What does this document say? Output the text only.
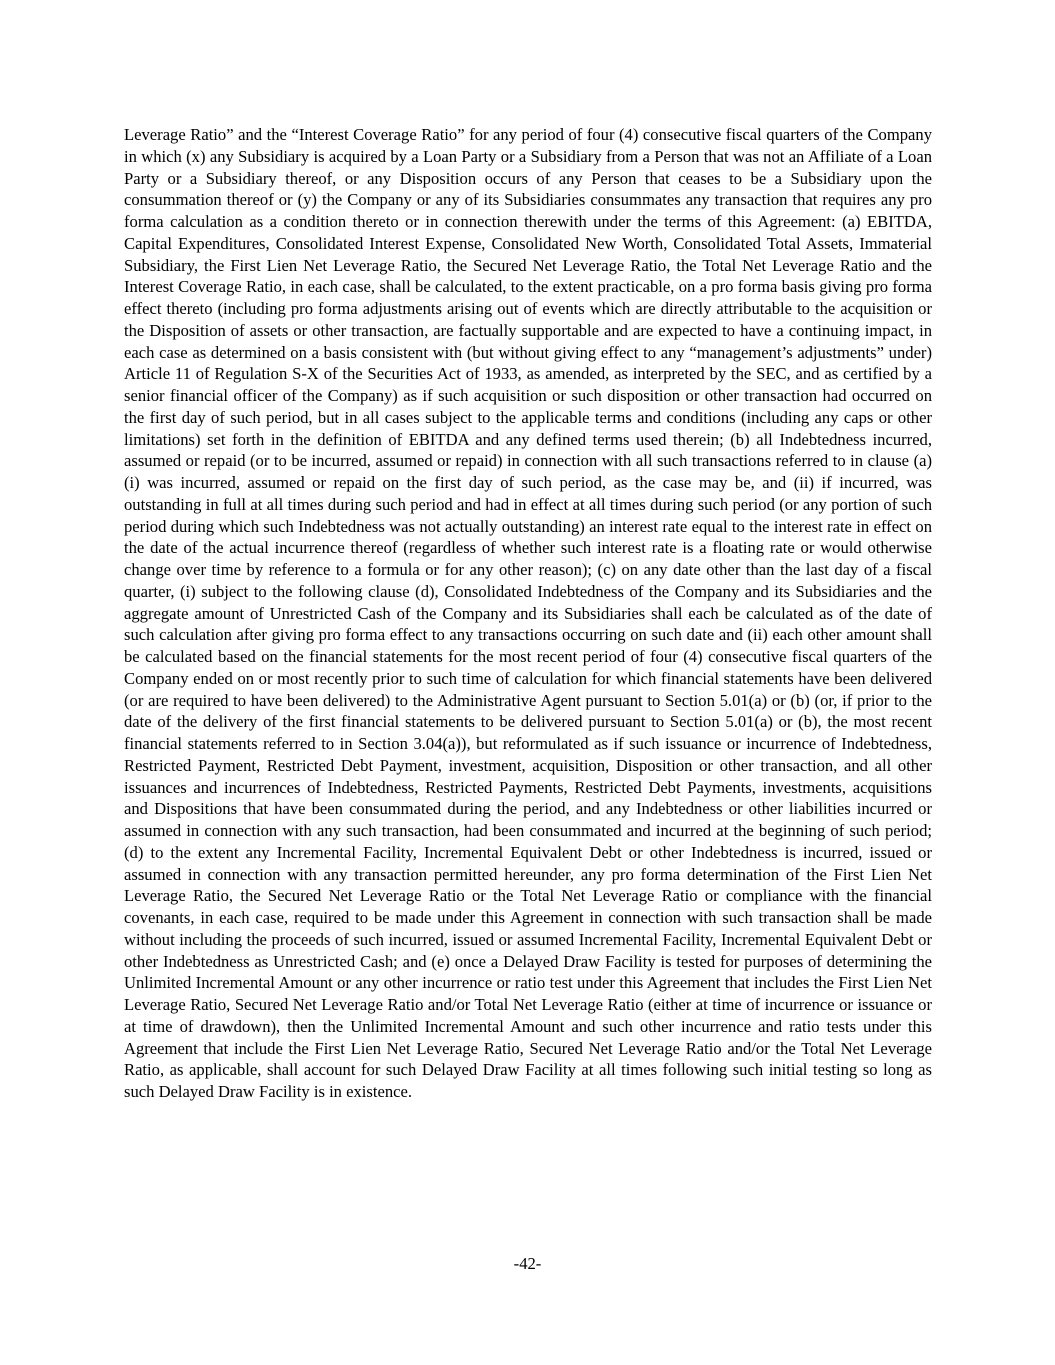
Leverage Ratio” and the “Interest Coverage Ratio” for any period of four (4) consecutive fiscal quarters of the Company in which (x) any Subsidiary is acquired by a Loan Party or a Subsidiary from a Person that was not an Affiliate of a Loan Party or a Subsidiary thereof, or any Disposition occurs of any Person that ceases to be a Subsidiary upon the consummation thereof or (y) the Company or any of its Subsidiaries consummates any transaction that requires any pro forma calculation as a condition thereto or in connection therewith under the terms of this Agreement: (a) EBITDA, Capital Expenditures, Consolidated Interest Expense, Consolidated New Worth, Consolidated Total Assets, Immaterial Subsidiary, the First Lien Net Leverage Ratio, the Secured Net Leverage Ratio, the Total Net Leverage Ratio and the Interest Coverage Ratio, in each case, shall be calculated, to the extent practicable, on a pro forma basis giving pro forma effect thereto (including pro forma adjustments arising out of events which are directly attributable to the acquisition or the Disposition of assets or other transaction, are factually supportable and are expected to have a continuing impact, in each case as determined on a basis consistent with (but without giving effect to any “management’s adjustments” under) Article 11 of Regulation S-X of the Securities Act of 1933, as amended, as interpreted by the SEC, and as certified by a senior financial officer of the Company) as if such acquisition or such disposition or other transaction had occurred on the first day of such period, but in all cases subject to the applicable terms and conditions (including any caps or other limitations) set forth in the definition of EBITDA and any defined terms used therein; (b) all Indebtedness incurred, assumed or repaid (or to be incurred, assumed or repaid) in connection with all such transactions referred to in clause (a) (i) was incurred, assumed or repaid on the first day of such period, as the case may be, and (ii) if incurred, was outstanding in full at all times during such period and had in effect at all times during such period (or any portion of such period during which such Indebtedness was not actually outstanding) an interest rate equal to the interest rate in effect on the date of the actual incurrence thereof (regardless of whether such interest rate is a floating rate or would otherwise change over time by reference to a formula or for any other reason); (c) on any date other than the last day of a fiscal quarter, (i) subject to the following clause (d), Consolidated Indebtedness of the Company and its Subsidiaries and the aggregate amount of Unrestricted Cash of the Company and its Subsidiaries shall each be calculated as of the date of such calculation after giving pro forma effect to any transactions occurring on such date and (ii) each other amount shall be calculated based on the financial statements for the most recent period of four (4) consecutive fiscal quarters of the Company ended on or most recently prior to such time of calculation for which financial statements have been delivered (or are required to have been delivered) to the Administrative Agent pursuant to Section 5.01(a) or (b) (or, if prior to the date of the delivery of the first financial statements to be delivered pursuant to Section 5.01(a) or (b), the most recent financial statements referred to in Section 3.04(a)), but reformulated as if such issuance or incurrence of Indebtedness, Restricted Payment, Restricted Debt Payment, investment, acquisition, Disposition or other transaction, and all other issuances and incurrences of Indebtedness, Restricted Payments, Restricted Debt Payments, investments, acquisitions and Dispositions that have been consummated during the period, and any Indebtedness or other liabilities incurred or assumed in connection with any such transaction, had been consummated and incurred at the beginning of such period; (d) to the extent any Incremental Facility, Incremental Equivalent Debt or other Indebtedness is incurred, issued or assumed in connection with any transaction permitted hereunder, any pro forma determination of the First Lien Net Leverage Ratio, the Secured Net Leverage Ratio or the Total Net Leverage Ratio or compliance with the financial covenants, in each case, required to be made under this Agreement in connection with such transaction shall be made without including the proceeds of such incurred, issued or assumed Incremental Facility, Incremental Equivalent Debt or other Indebtedness as Unrestricted Cash; and (e) once a Delayed Draw Facility is tested for purposes of determining the Unlimited Incremental Amount or any other incurrence or ratio test under this Agreement that includes the First Lien Net Leverage Ratio, Secured Net Leverage Ratio and/or Total Net Leverage Ratio (either at time of incurrence or issuance or at time of drawdown), then the Unlimited Incremental Amount and such other incurrence and ratio tests under this Agreement that include the First Lien Net Leverage Ratio, Secured Net Leverage Ratio and/or the Total Net Leverage Ratio, as applicable, shall account for such Delayed Draw Facility at all times following such initial testing so long as such Delayed Draw Facility is in existence.

-42-
